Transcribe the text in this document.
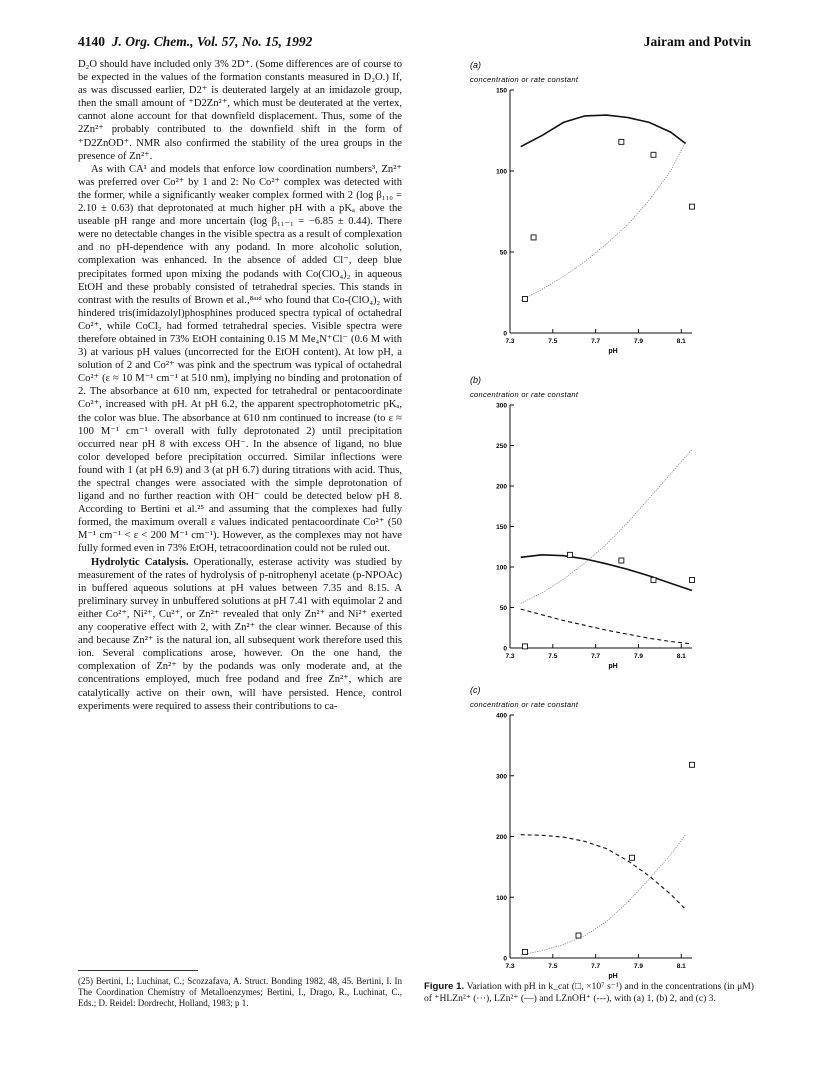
4140 J. Org. Chem., Vol. 57, No. 15, 1992	Jairam and Potvin

D₂O should have included only 3% 2D⁺. (Some differences are of course to be expected in the values of the formation constants measured in D₂O.) If, as was discussed earlier, D2⁺ is deuterated largely at an imidazole group, then the small amount of ⁺D2Zn²⁺, which must be deuterated at the vertex, cannot alone account for that downfield displacement. Thus, some of the 2Zn²⁺ probably contributed to the downfield shift in the form of ⁺D2ZnOD⁺. NMR also confirmed the stability of the urea groups in the presence of Zn²⁺.

As with CA¹ and models that enforce low coordination numbers³, Zn²⁺ was preferred over Co²⁺ by 1 and 2: No Co²⁺ complex was detected with the former, while a significantly weaker complex formed with 2 (log β₁₁₀ = 2.10 ± 0.63) that deprotonated at much higher pH with a pKₐ above the useable pH range and more uncertain (log β₁₁₋₁ = −6.85 ± 0.44). There were no detectable changes in the visible spectra as a result of complexation and no pH-dependence with any podand. In more alcoholic solution, complexation was enhanced. In the absence of added Cl⁻, deep blue precipitates formed upon mixing the podands with Co(ClO₄)₂ in aqueous EtOH and these probably consisted of tetrahedral species. This stands in contrast with the results of Brown et al.,⁸ᵃʴᵈ who found that Co-(ClO₄)₂ with hindered tris(imidazolyl)phosphines produced spectra typical of octahedral Co²⁺, while CoCl₂ had formed tetrahedral species. Visible spectra were therefore obtained in 73% EtOH containing 0.15 M Me₄N⁺Cl⁻ (0.6 M with 3) at various pH values (uncorrected for the EtOH content). At low pH, a solution of 2 and Co²⁺ was pink and the spectrum was typical of octahedral Co²⁺ (ε ≈ 10 M⁻¹ cm⁻¹ at 510 nm), implying no binding and protonation of 2. The absorbance at 610 nm, expected for tetrahedral or pentacoordinate Co²⁺, increased with pH. At pH 6.2, the apparent spectrophotometric pKₐ, the color was blue. The absorbance at 610 nm continued to increase (to ε ≈ 100 M⁻¹ cm⁻¹ overall with fully deprotonated 2) until precipitation occurred near pH 8 with excess OH⁻. In the absence of ligand, no blue color developed before precipitation occurred. Similar inflections were found with 1 (at pH 6.9) and 3 (at pH 6.7) during titrations with acid. Thus, the spectral changes were associated with the simple deprotonation of ligand and no further reaction with OH⁻ could be detected below pH 8. According to Bertini et al.²⁵ and assuming that the complexes had fully formed, the maximum overall ε values indicated pentacoordinate Co²⁺ (50 M⁻¹ cm⁻¹ < ε < 200 M⁻¹ cm⁻¹). However, as the complexes may not have fully formed even in 73% EtOH, tetracoordination could not be ruled out.

Hydrolytic Catalysis. Operationally, esterase activity was studied by measurement of the rates of hydrolysis of p-nitrophenyl acetate (p-NPOAc) in buffered aqueous solutions at pH values between 7.35 and 8.15. A preliminary survey in unbuffered solutions at pH 7.41 with equimolar 2 and either Co²⁺, Ni²⁺, Cu²⁺, or Zn²⁺ revealed that only Zn²⁺ and Ni²⁺ exerted any cooperative effect with 2, with Zn²⁺ the clear winner. Because of this and because Zn²⁺ is the natural ion, all subsequent work therefore used this ion. Several complications arose, however. On the one hand, the complexation of Zn²⁺ by the podands was only moderate and, at the concentrations employed, much free podand and free Zn²⁺, which are catalytically active on their own, will have persisted. Hence, control experiments were required to assess their contributions to ca-

(25) Bertini, I.; Luchinat, C.; Scozzafava, A. Struct. Bonding 1982, 48, 45. Bertini, I. In The Coordination Chemistry of Metalloenzymes; Bertini, I., Drago, R., Luchinat, C., Eds.; D. Reidel: Dordrecht, Holland, 1983; p 1.
(a)
concentration or rate constant
0
50
100
150
7.3	7.5	7.7	7.9	8.1
pH
(b)
concentration or rate constant
0
50
100
150
200
250
300
7.3	7.5	7.7	7.9	8.1
pH
(c)
concentration or rate constant
0
100
200
300
400
7.3	7.5	7.7	7.9	8.1
pH
Figure 1. Variation with pH in k_cat (□, ×10⁷ s⁻¹) and in the concentrations (in μM) of ⁺HLZn²⁺ (···), LZn²⁺ (—) and LZnOH⁺ (---), with (a) 1, (b) 2, and (c) 3.
